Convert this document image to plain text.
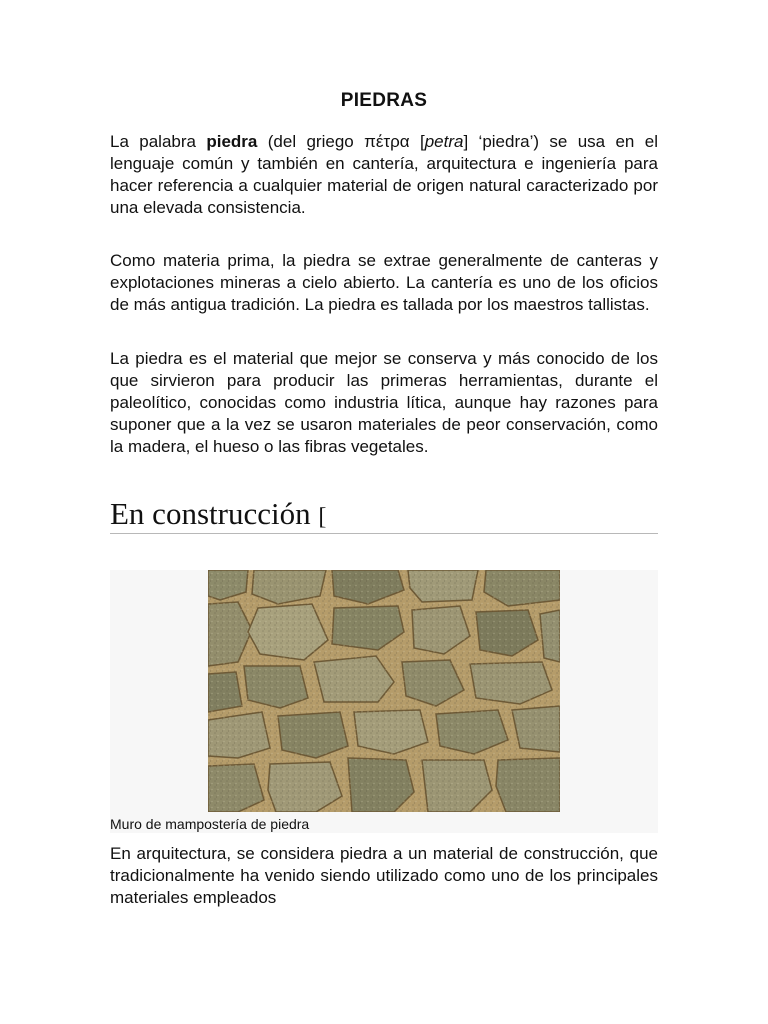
PIEDRAS

La palabra piedra (del griego πέτρα [petra] ‘piedra’) se usa en el lenguaje común y también en cantería, arquitectura e ingeniería para hacer referencia a cualquier material de origen natural caracterizado por una elevada consistencia.

Como materia prima, la piedra se extrae generalmente de canteras y explotaciones mineras a cielo abierto. La cantería es uno de los oficios de más antigua tradición. La piedra es tallada por los maestros tallistas.

La piedra es el material que mejor se conserva y más conocido de los que sirvieron para producir las primeras herramientas, durante el paleolítico, conocidas como industria lítica, aunque hay razones para suponer que a la vez se usaron materiales de peor conservación, como la madera, el hueso o las fibras vegetales.

En construcción [
Muro de mampostería de piedra

En arquitectura, se considera piedra a un material de construcción, que tradicionalmente ha venido siendo utilizado como uno de los principales materiales empleados
